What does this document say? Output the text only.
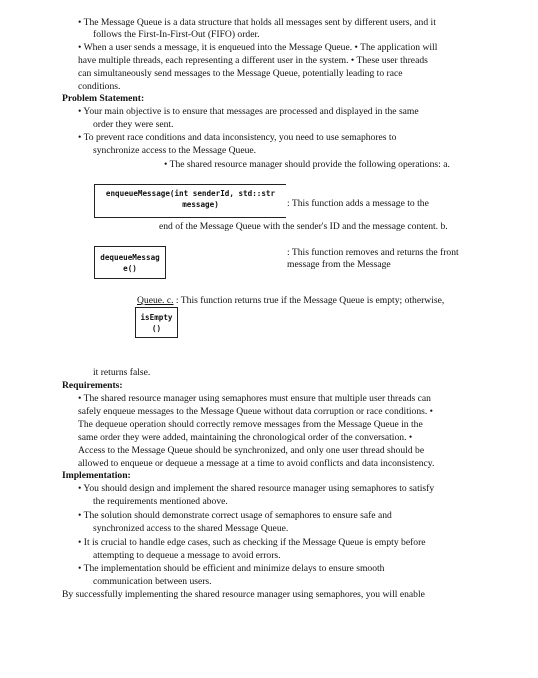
• The Message Queue is a data structure that holds all messages sent by different users, and it
follows the First-In-First-Out (FIFO) order.
• When a user sends a message, it is enqueued into the Message Queue. • The application will
have multiple threads, each representing a different user in the system. • These user threads
can simultaneously send messages to the Message Queue, potentially leading to race
conditions.
Problem Statement:
• Your main objective is to ensure that messages are processed and displayed in the same
order they were sent.
• To prevent race conditions and data inconsistency, you need to use semaphores to
synchronize access to the Message Queue.
• The shared resource manager should provide the following operations: a.
enqueueMessage(int senderId, std::str
message)	: This function adds a message to the
end of the Message Queue with the sender's ID and the message content. b.
dequeueMessag
e()
: This function removes and returns the front
message from the Message
Queue. c. : This function returns true if the Message Queue is empty; otherwise,
isEmpty
()
it returns false.
Requirements:
• The shared resource manager using semaphores must ensure that multiple user threads can
safely enqueue messages to the Message Queue without data corruption or race conditions. •
The dequeue operation should correctly remove messages from the Message Queue in the
same order they were added, maintaining the chronological order of the conversation. •
Access to the Message Queue should be synchronized, and only one user thread should be
allowed to enqueue or dequeue a message at a time to avoid conflicts and data inconsistency.
Implementation:
• You should design and implement the shared resource manager using semaphores to satisfy
the requirements mentioned above.
• The solution should demonstrate correct usage of semaphores to ensure safe and
synchronized access to the shared Message Queue.
• It is crucial to handle edge cases, such as checking if the Message Queue is empty before
attempting to dequeue a message to avoid errors.
• The implementation should be efficient and minimize delays to ensure smooth
communication between users.
By successfully implementing the shared resource manager using semaphores, you will enable
